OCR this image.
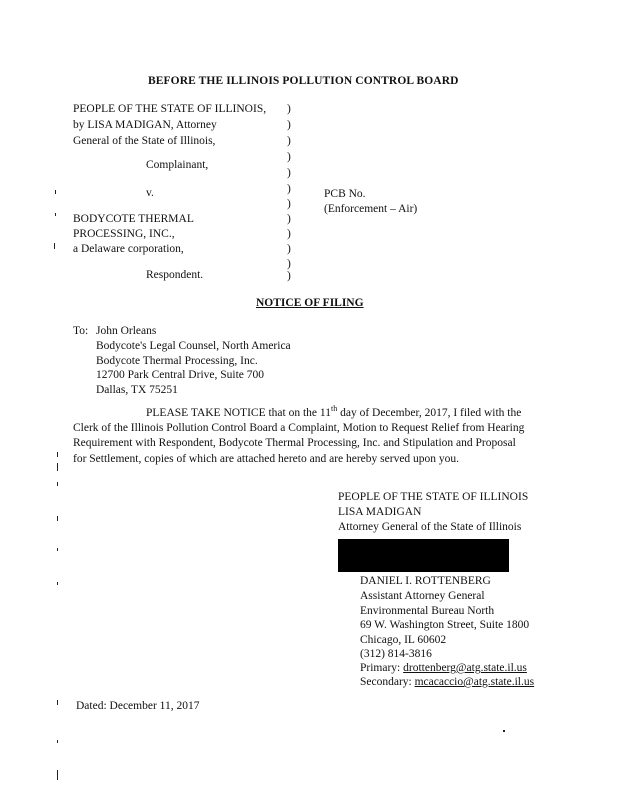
BEFORE THE ILLINOIS POLLUTION CONTROL BOARD
PEOPLE OF THE STATE OF ILLINOIS,
by LISA MADIGAN, Attorney
General of the State of Illinois,
Complainant,
v.
BODYCOTE THERMAL
PROCESSING, INC.,
a Delaware corporation,
Respondent.
)
)
)
)
)
)
)
)
)
)
)
)
PCB No.
(Enforcement – Air)
NOTICE OF FILING
To: John Orleans
Bodycote's Legal Counsel, North America
Bodycote Thermal Processing, Inc.
12700 Park Central Drive, Suite 700
Dallas, TX 75251
PLEASE TAKE NOTICE that on the 11th day of December, 2017, I filed with the
Clerk of the Illinois Pollution Control Board a Complaint, Motion to Request Relief from Hearing
Requirement with Respondent, Bodycote Thermal Processing, Inc. and Stipulation and Proposal
for Settlement, copies of which are attached hereto and are hereby served upon you.
PEOPLE OF THE STATE OF ILLINOIS
LISA MADIGAN
Attorney General of the State of Illinois
DANIEL I. ROTTENBERG
Assistant Attorney General
Environmental Bureau North
69 W. Washington Street, Suite 1800
Chicago, IL 60602
(312) 814-3816
Primary: drottenberg@atg.state.il.us
Secondary: mcacaccio@atg.state.il.us
Dated: December 11, 2017
